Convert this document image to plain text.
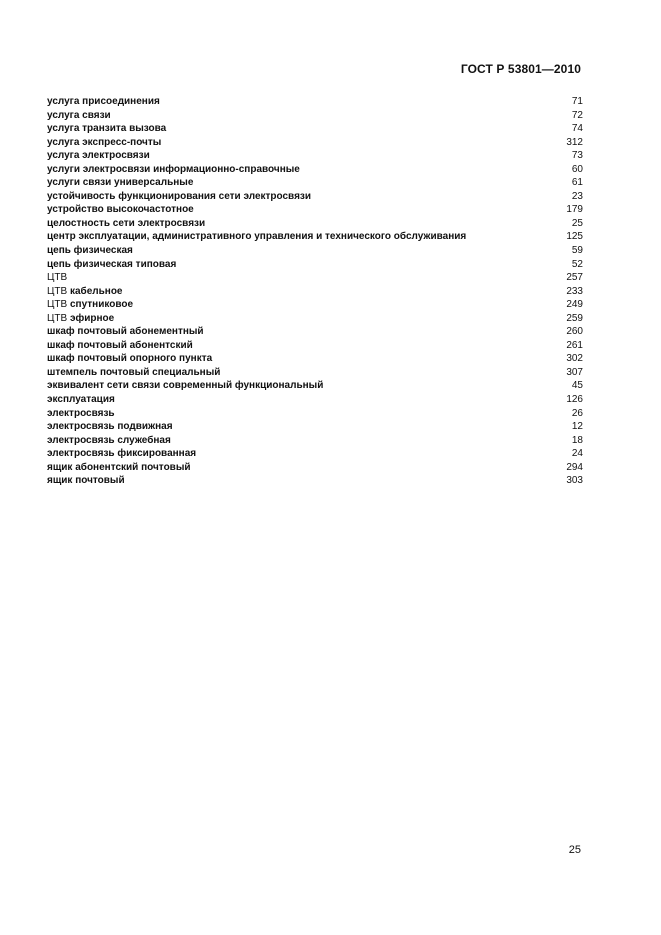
ГОСТ Р 53801—2010
услуга присоединения	71
услуга связи	72
услуга транзита вызова	74
услуга экспресс-почты	312
услуга электросвязи	73
услуги электросвязи информационно-справочные	60
услуги связи универсальные	61
устойчивость функционирования сети электросвязи	23
устройство высокочастотное	179
целостность сети электросвязи	25
центр эксплуатации, административного управления и технического обслуживания	125
цепь физическая	59
цепь физическая типовая	52
ЦТВ	257
ЦТВ кабельное	233
ЦТВ спутниковое	249
ЦТВ эфирное	259
шкаф почтовый абонементный	260
шкаф почтовый абонентский	261
шкаф почтовый опорного пункта	302
штемпель почтовый специальный	307
эквивалент сети связи современный функциональный	45
эксплуатация	126
электросвязь	26
электросвязь подвижная	12
электросвязь служебная	18
электросвязь фиксированная	24
ящик абонентский почтовый	294
ящик почтовый	303
25
